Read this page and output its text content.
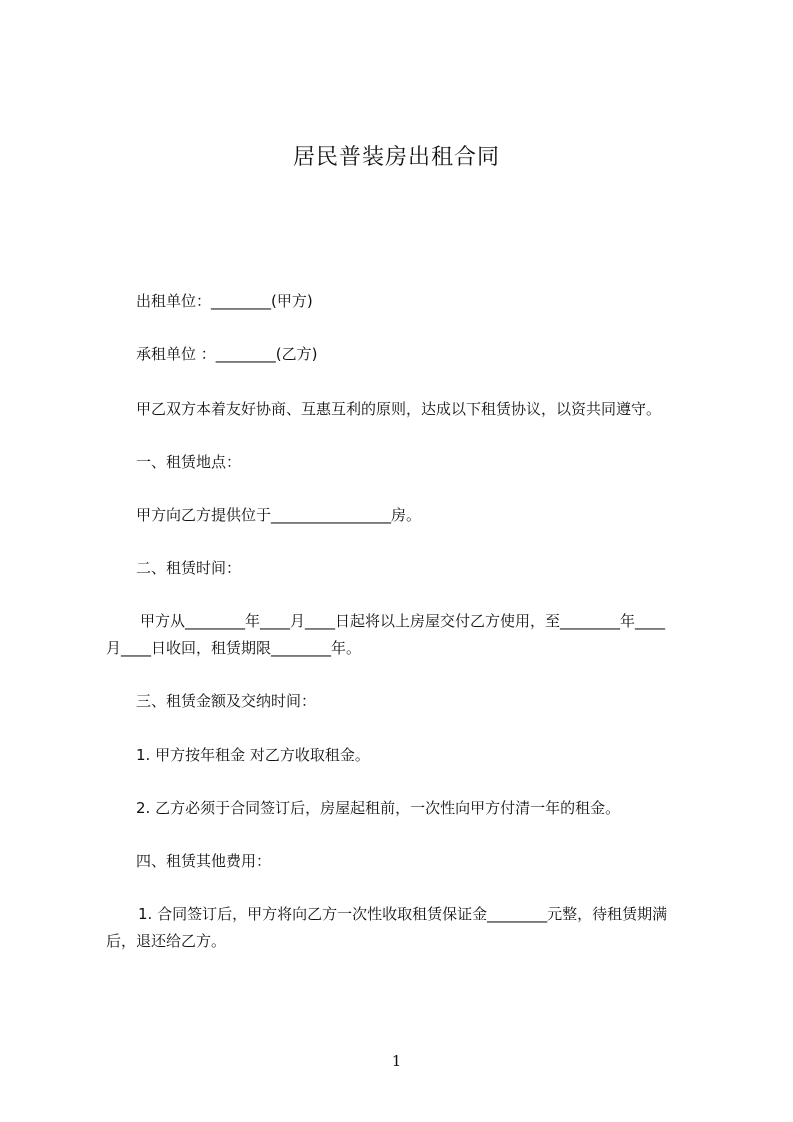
居民普装房出租合同
出租单位：________(甲方)
承租单位 ：________(乙方)
甲乙双方本着友好协商、互惠互利的原则，达成以下租赁协议，以资共同遵守。
一、租赁地点：
甲方向乙方提供位于________________房。
二、租赁时间：
甲方从________年____月____日起将以上房屋交付乙方使用，至________年____
月____日收回，租赁期限________年。
三、租赁金额及交纳时间：
1. 甲方按年租金 对乙方收取租金。
2. 乙方必须于合同签订后，房屋起租前，一次性向甲方付清一年的租金。
四、租赁其他费用：
1. 合同签订后，甲方将向乙方一次性收取租赁保证金________元整，待租赁期满
后，退还给乙方。
1
